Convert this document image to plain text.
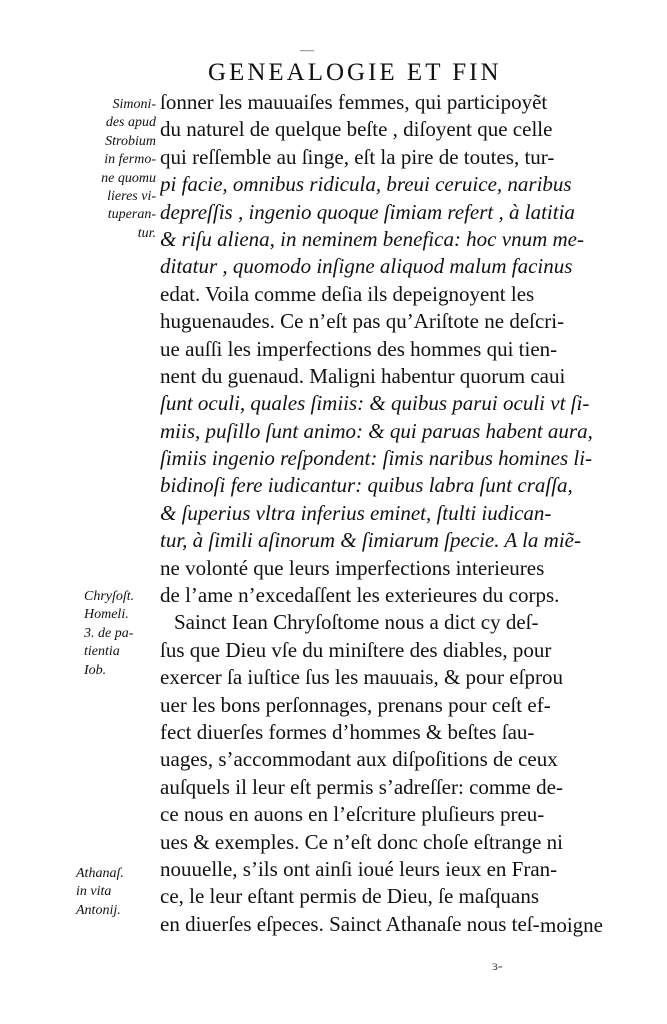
—
GENEALOGIE ET FIN
Simoni-
des apud
Strobium
in fermo-
ne quomu
lieres vi-
tuperan-
tur.
Chryſoſt.
Homeli.
3. de pa-
tientia
Iob.
Athanaſ.
in vita
Antonij.
ſonner les mauuaiſes femmes, qui participoyẽt
du naturel de quelque beſte , diſoyent que celle
qui reſſemble au ſinge, eſt la pire de toutes, tur-
pi facie, omnibus ridicula, breui ceruice, naribus
depreſſis , ingenio quoque ſimiam refert , à latitia
& riſu aliena, in neminem benefica: hoc vnum me-
ditatur , quomodo inſigne aliquod malum facinus
edat. Voila comme deſia ils depeignoyent les
huguenaudes. Ce n’eſt pas qu’Ariſtote ne deſcri-
ue auſſi les imperfections des hommes qui tien-
nent du guenaud. Maligni habentur quorum caui
ſunt oculi, quales ſimiis: & quibus parui oculi vt ſi-
miis, puſillo ſunt animo: & qui paruas habent aura,
ſimiis ingenio reſpondent: ſimis naribus homines li-
bidinoſi fere iudicantur: quibus labra ſunt craſſa,
& ſuperius vltra inferius eminet, ſtulti iudican-
tur, à ſimili aſinorum & ſimiarum ſpecie. A la miẽ-
ne volonté que leurs imperfections interieures
de l’ame n’excedaſſent les exterieures du corps.
Sainct Iean Chryſoſtome nous a dict cy deſ-
ſus que Dieu vſe du miniſtere des diables, pour
exercer ſa iuſtice ſus les mauuais, & pour eſprou
uer les bons perſonnages, prenans pour ceſt ef-
fect diuerſes formes d’hommes & beſtes ſau-
uages, s’accommodant aux diſpoſitions de ceux
auſquels il leur eſt permis s’adreſſer: comme de-
ce nous en auons en l’eſcriture pluſieurs preu-
ues & exemples. Ce n’eſt donc choſe eſtrange ni
nouuelle, s’ils ont ainſi ioué leurs ieux en Fran-
ce, le leur eſtant permis de Dieu, ſe maſquans
en diuerſes eſpeces. Sainct Athanaſe nous teſ- moigne
ɜ-
